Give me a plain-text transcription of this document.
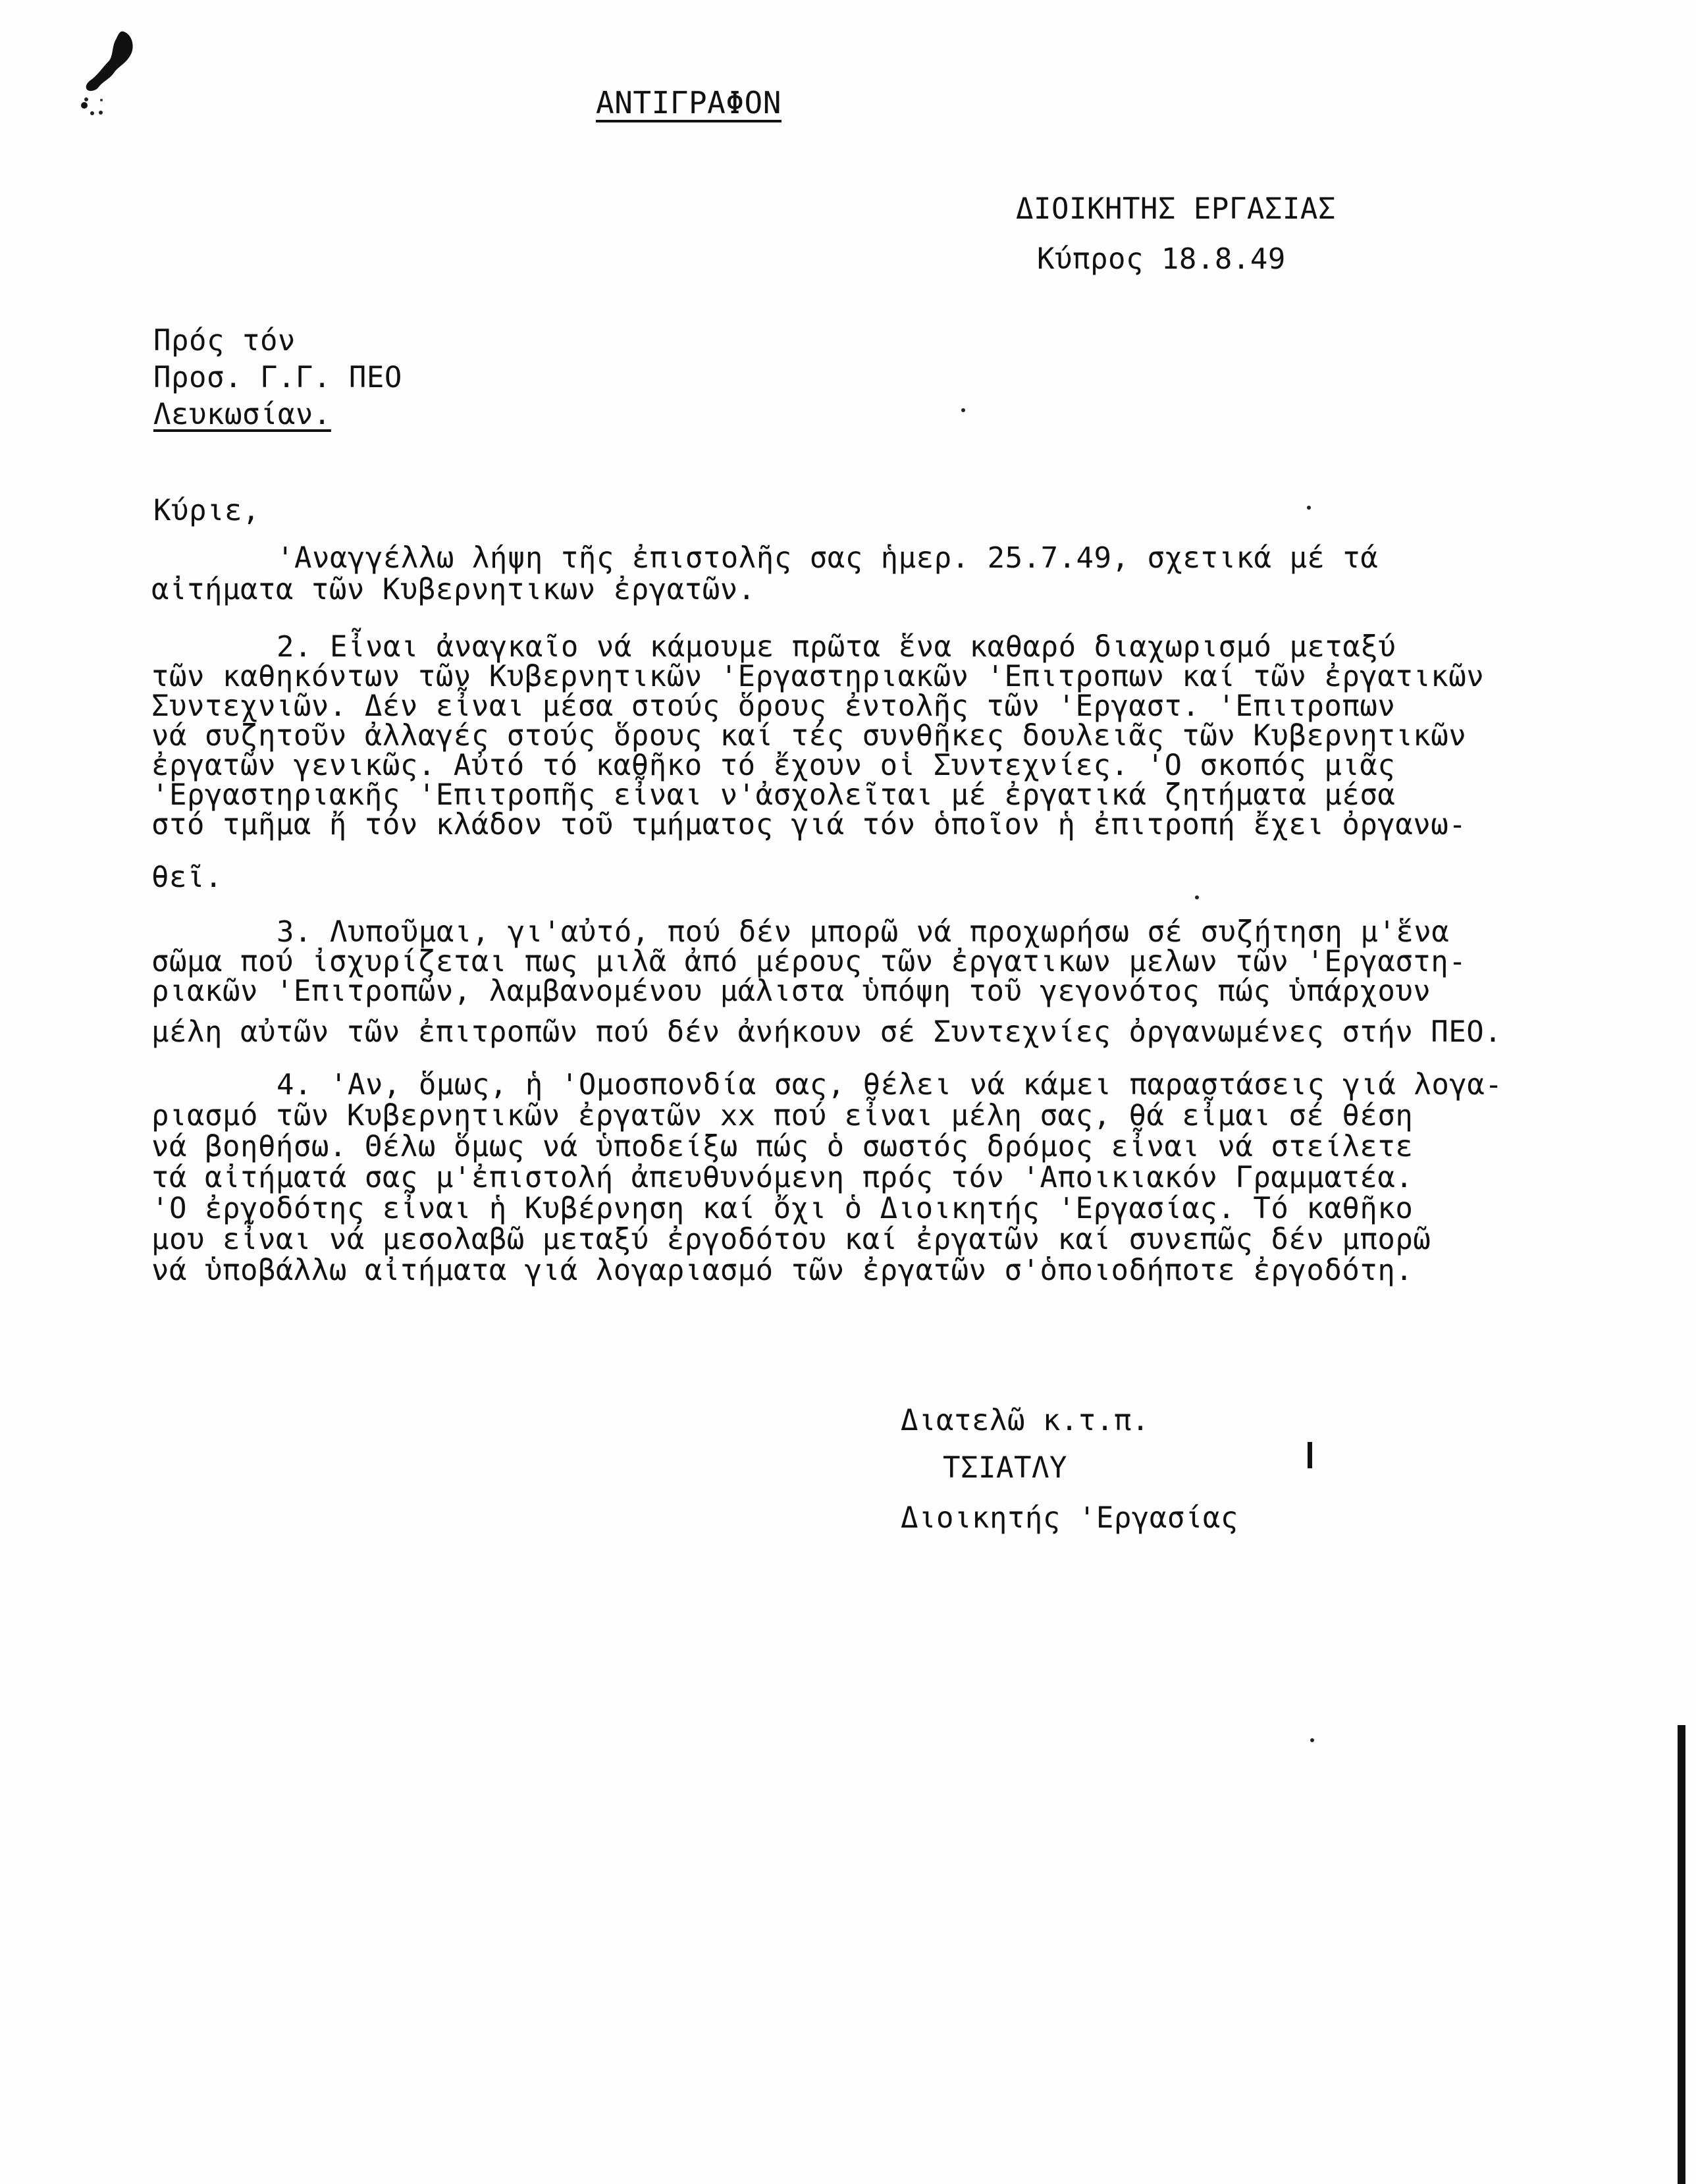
ΑΝΤΙΓΡΑΦΟΝ
ΔΙΟΙΚΗΤΗΣ ΕΡΓΑΣΙΑΣ
Κύπρος 18.8.49
Πρός τόν
Προσ. Γ.Γ. ΠΕΟ
Λευκωσίαν.
Κύριε,
'Αναγγέλλω λήψη τῆς ἐπιστολῆς σας ἡμερ. 25.7.49, σχετικά μέ τά
αἰτήματα τῶν Κυβερνητικων ἐργατῶν.
2. Εἶναι ἀναγκαῖο νά κάμουμε πρῶτα ἕνα καθαρό διαχωρισμό μεταξύ
τῶν καθηκόντων τῶν Κυβερνητικῶν 'Εργαστηριακῶν 'Επιτροπων καί τῶν ἐργατικῶν
Συντεχνιῶν. Δέν εἶναι μέσα στούς ὅρους ἐντολῆς τῶν 'Εργαστ. 'Επιτροπων
νά συζητοῦν ἀλλαγές στούς ὅρους καί τές συνθῆκες δουλειᾶς τῶν Κυβερνητικῶν
ἐργατῶν γενικῶς. Αὐτό τό καθῆκο τό ἔχουν οἱ Συντεχνίες. 'Ο σκοπός μιᾶς
'Εργαστηριακῆς 'Επιτροπῆς εἶναι ν'ἀσχολεῖται μέ ἐργατικά ζητήματα μέσα
στό τμῆμα ἤ τόν κλάδον τοῦ τμήματος γιά τόν ὁποῖον ἡ ἐπιτροπή ἔχει ὀργανω-
θεῖ.
3. Λυποῦμαι, γι'αὐτό, πού δέν μπορῶ νά προχωρήσω σέ συζήτηση μ'ἕνα
σῶμα πού ἰσχυρίζεται πως μιλᾶ ἀπό μέρους τῶν ἐργατικων μελων τῶν 'Εργαστη-
ριακῶν 'Επιτροπῶν, λαμβανομένου μάλιστα ὑπόψη τοῦ γεγονότος πώς ὑπάρχουν
μέλη αὐτῶν τῶν ἐπιτροπῶν πού δέν ἀνήκουν σέ Συντεχνίες ὀργανωμένες στήν ΠΕΟ.
4. 'Αν, ὅμως, ἡ 'Ομοσπονδία σας, θέλει νά κάμει παραστάσεις γιά λογα-
ριασμό τῶν Κυβερνητικῶν ἐργατῶν xx πού εἶναι μέλη σας, θά εἶμαι σέ θέση
νά βοηθήσω. Θέλω ὅμως νά ὑποδείξω πώς ὁ σωστός δρόμος εἶναι νά στείλετε
τά αἰτήματά σας μ'ἐπιστολή ἀπευθυνόμενη πρός τόν 'Αποικιακόν Γραμματέα.
'Ο ἐργοδότης εἶναι ἡ Κυβέρνηση καί ὄχι ὁ Διοικητής 'Εργασίας. Τό καθῆκο
μου εἶναι νά μεσολαβῶ μεταξύ ἐργοδότου καί ἐργατῶν καί συνεπῶς δέν μπορῶ
νά ὑποβάλλω αἰτήματα γιά λογαριασμό τῶν ἐργατῶν σ'ὁποιοδήποτε ἐργοδότη.
Διατελῶ κ.τ.π.
ΤΣΙΑΤΛΥ
Διοικητής 'Εργασίας
